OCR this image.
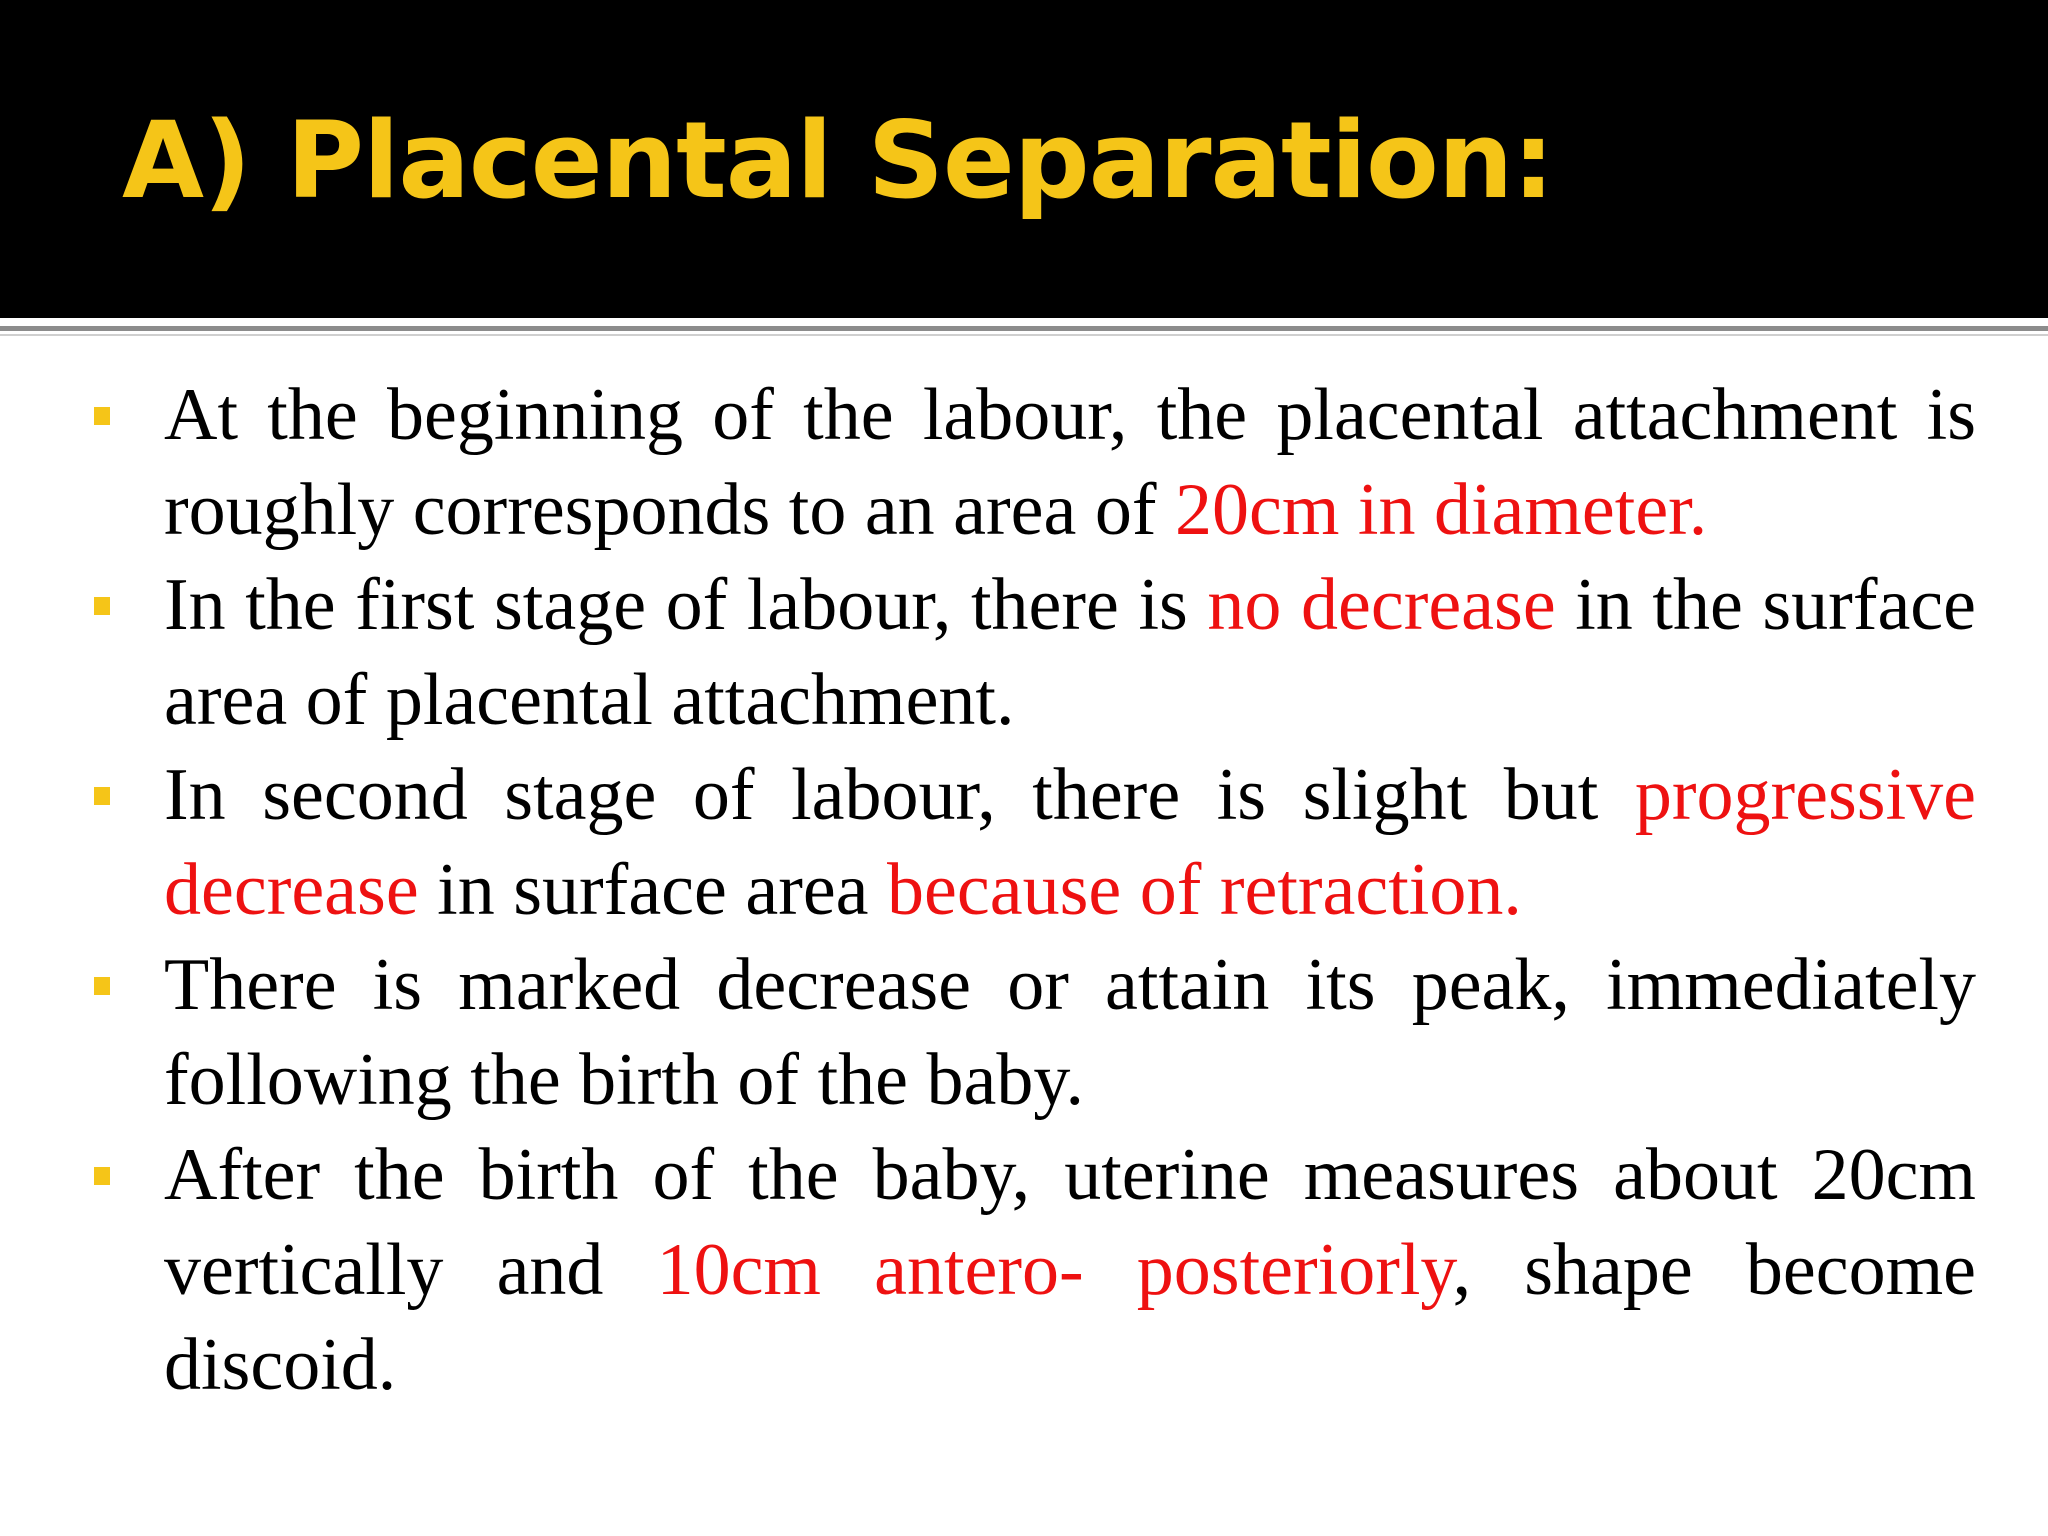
A) Placental Separation:
At the beginning of the labour, the placental attachment is roughly corresponds to an area of 20cm in diameter.
In the first stage of labour, there is no decrease in the surface area of placental attachment.
In second stage of labour, there is slight but progressive decrease in surface area because of retraction.
There is marked decrease or attain its peak, immediately following the birth of the baby.
After the birth of the baby, uterine measures about 20cm vertically and 10cm antero- posteriorly, shape become discoid.
